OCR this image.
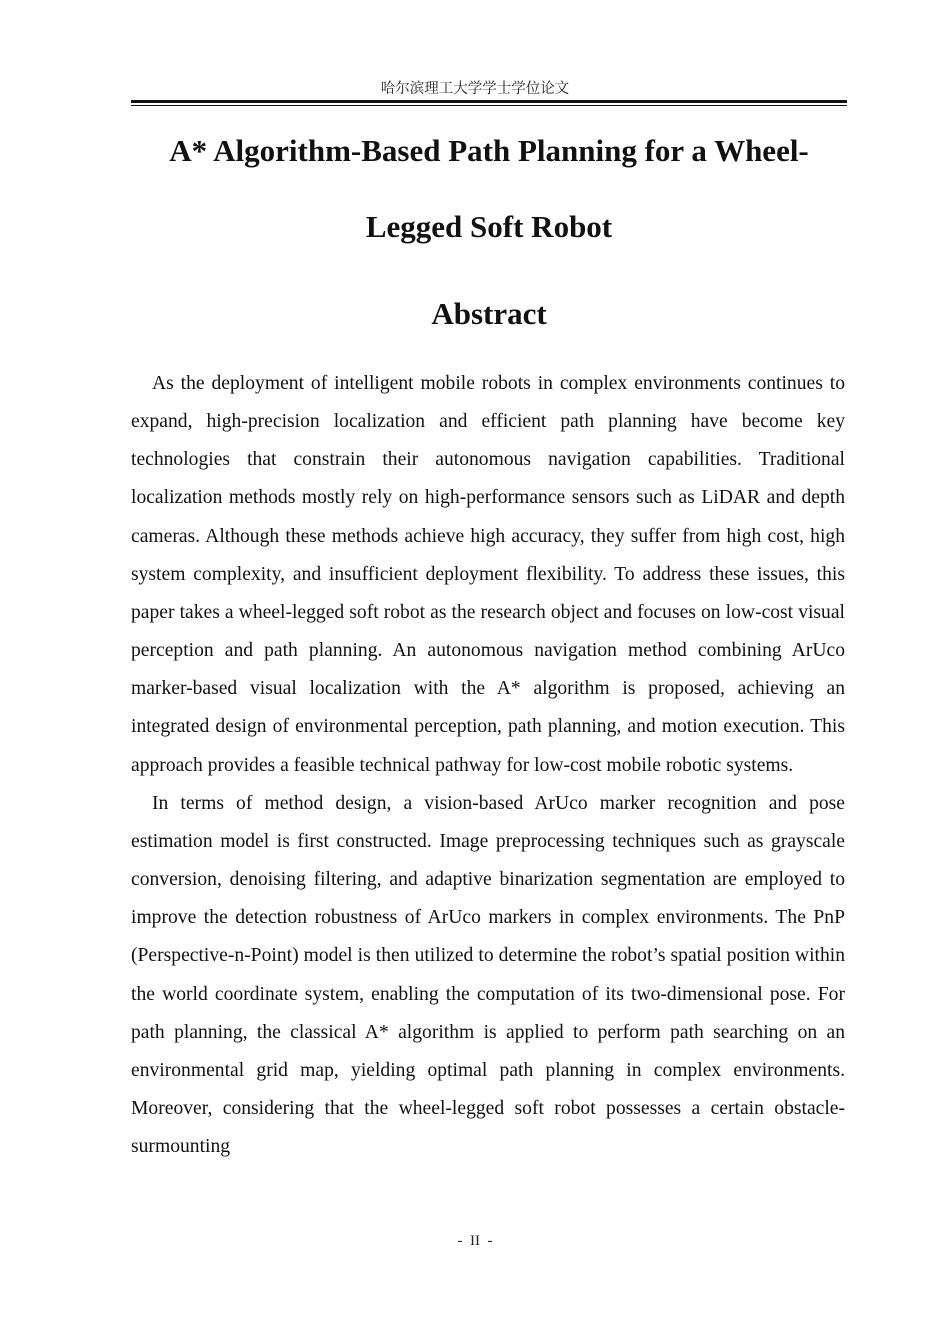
哈尔滨理工大学学士学位论文
A* Algorithm-Based Path Planning for a Wheel-
Legged Soft Robot
Abstract

As the deployment of intelligent mobile robots in complex environments continues to expand, high-precision localization and efficient path planning have become key technologies that constrain their autonomous navigation capabilities. Traditional localization methods mostly rely on high-performance sensors such as LiDAR and depth cameras. Although these methods achieve high accuracy, they suffer from high cost, high system complexity, and insufficient deployment flexibility. To address these issues, this paper takes a wheel-legged soft robot as the research object and focuses on low-cost visual perception and path planning. An autonomous navigation method combining ArUco marker-based visual localization with the A* algorithm is proposed, achieving an integrated design of environmental perception, path planning, and motion execution. This approach provides a feasible technical pathway for low-cost mobile robotic systems.

In terms of method design, a vision-based ArUco marker recognition and pose estimation model is first constructed. Image preprocessing techniques such as grayscale conversion, denoising filtering, and adaptive binarization segmentation are employed to improve the detection robustness of ArUco markers in complex environments. The PnP (Perspective-n-Point) model is then utilized to determine the robot’s spatial position within the world coordinate system, enabling the computation of its two-dimensional pose. For path planning, the classical A* algorithm is applied to perform path searching on an environmental grid map, yielding optimal path planning in complex environments. Moreover, considering that the wheel-legged soft robot possesses a certain obstacle-surmounting

-  II  -
